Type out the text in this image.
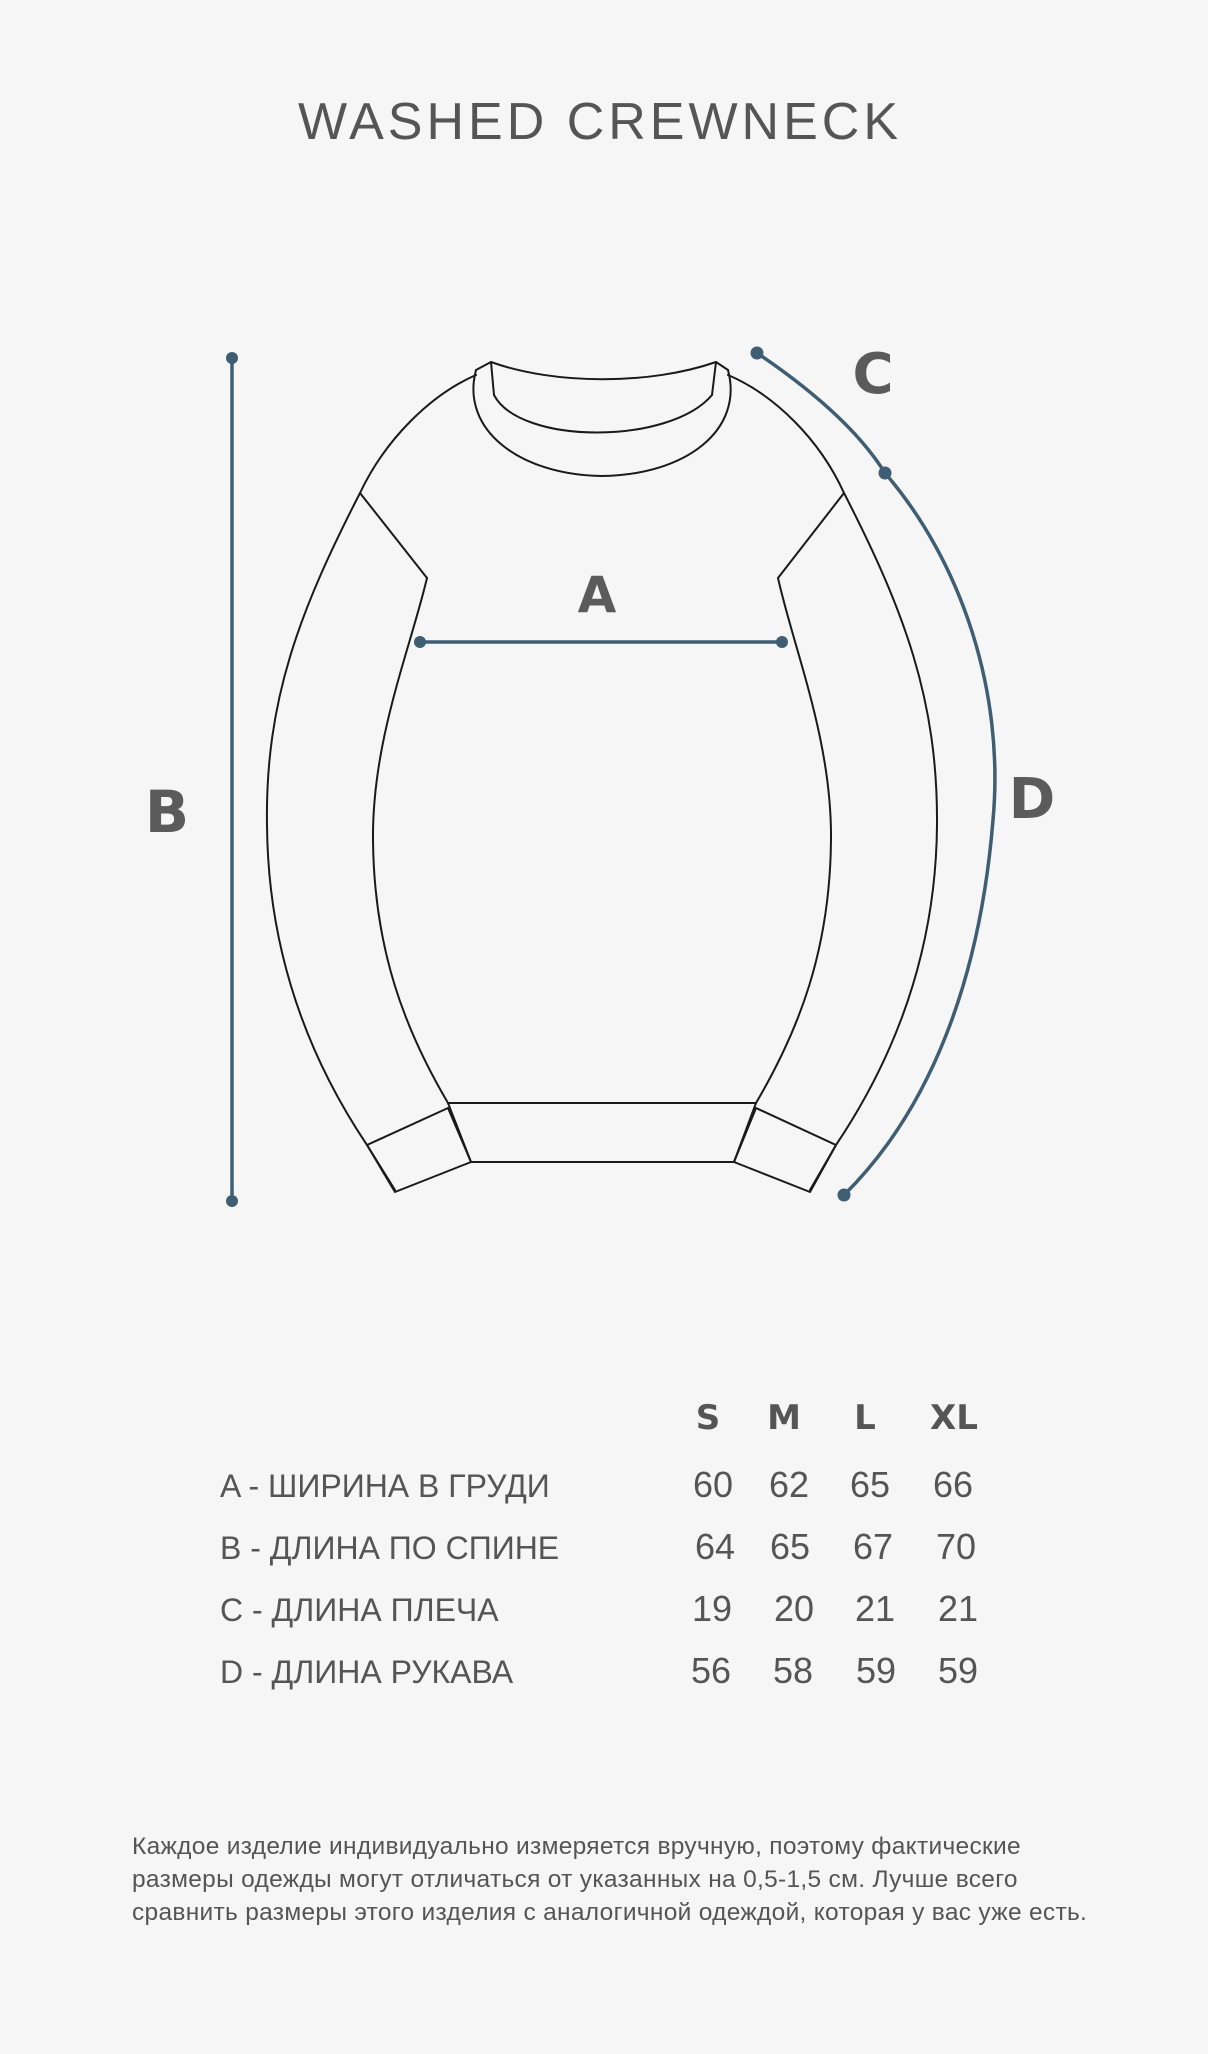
WASHED CREWNECK
A
B
C
D
S	M	L	XL
A - ШИРИНА В ГРУДИ	60 62	65	66
B - ДЛИНА ПО СПИНЕ	64 65	67	70
C - ДЛИНА ПЛЕЧА	19	20	21	21
D - ДЛИНА РУКАВА	56	58	59	59
Каждое изделие индивидуально измеряется вручную, поэтому фактические размеры одежды могут отличаться от указанных на 0,5-1,5 см. Лучше всего сравнить размеры этого изделия с аналогичной одеждой, которая у вас уже есть.
